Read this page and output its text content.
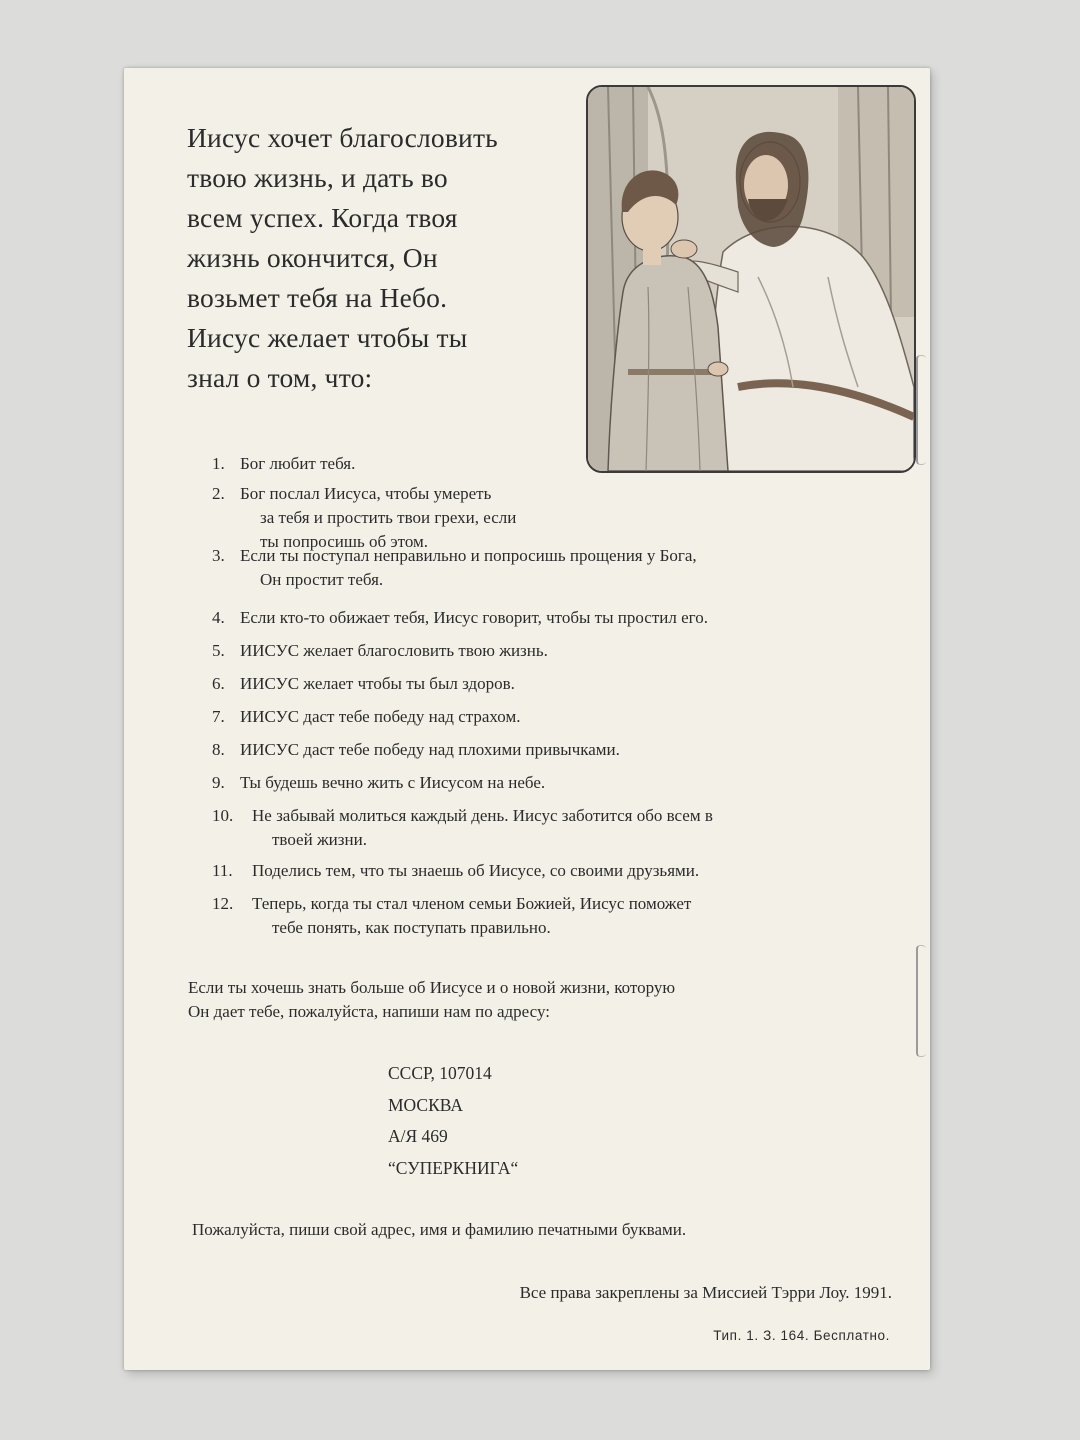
Иисус хочет благословить
твою жизнь, и дать во
всем успех. Когда твоя
жизнь окончится, Он
возьмет тебя на Небо.
Иисус желает чтобы ты
знал о том, что:
1. Бог любит тебя.
2. Бог послал Иисуса, чтобы умереть

за тебя и простить твои грехи, если
ты попросишь об этом.
3. Если ты поступал неправильно и попросишь прощения у Бога,

Он простит тебя.
4. Если кто-то обижает тебя, Иисус говорит, чтобы ты простил его.
5. ИИСУС желает благословить твою жизнь.
6. ИИСУС желает чтобы ты был здоров.
7. ИИСУС даст тебе победу над страхом.
8. ИИСУС даст тебе победу над плохими привычками.
9. Ты будешь вечно жить с Иисусом на небе.
10.	Не забывай молиться каждый день. Иисус заботится обо всем в

твоей жизни.
11.	Поделись тем, что ты знаешь об Иисусе, со своими друзьями.
12.	Теперь, когда ты стал членом семьи Божией, Иисус поможет

тебе понять, как поступать правильно.
Если ты хочешь знать больше об Иисусе и о новой жизни, которую
Он дает тебе, пожалуйста, напиши нам по адресу:
СССР, 107014
МОСКВА
А/Я 469
“СУПЕРКНИГА“
Пожалуйста, пиши свой адрес, имя и фамилию печатными буквами.
Все права закреплены за Миссией Тэрри Лоу. 1991.
Тип. 1. З. 164. Бесплатно.
